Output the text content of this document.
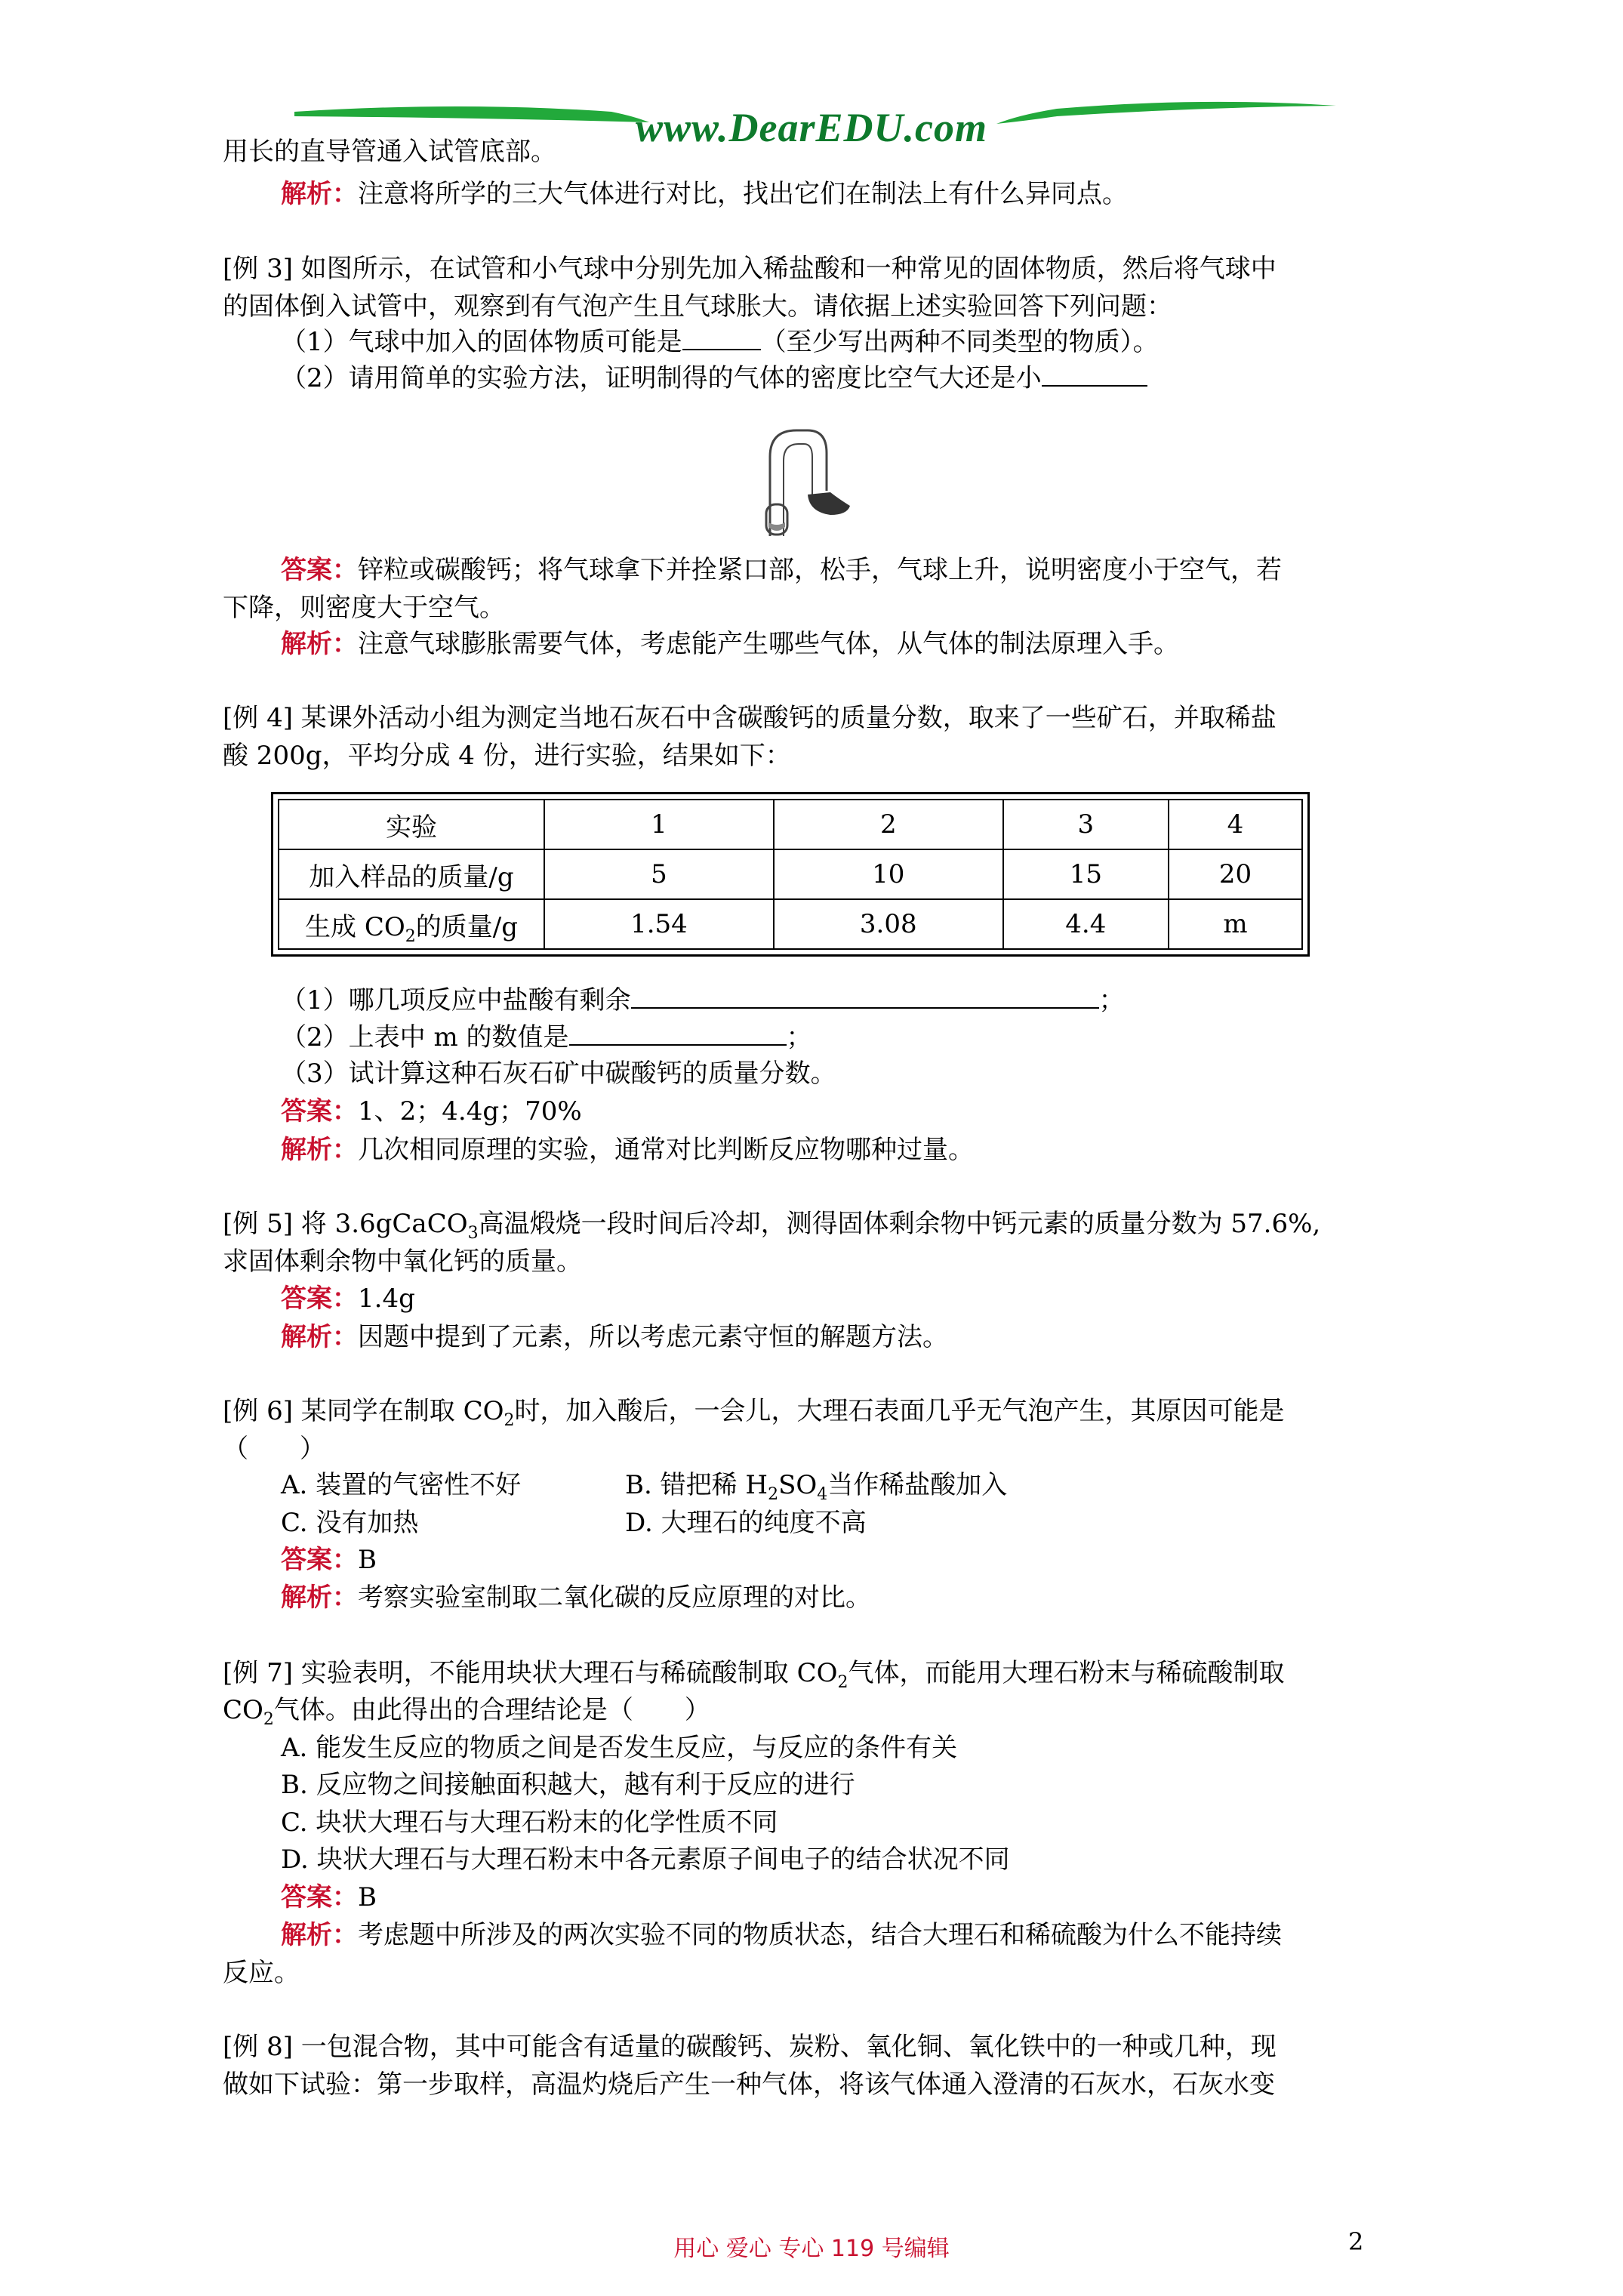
www.DearEDU.com
用长的直导管通入试管底部。
解析：注意将所学的三大气体进行对比，找出它们在制法上有什么异同点。
[例 3] 如图所示，在试管和小气球中分别先加入稀盐酸和一种常见的固体物质，然后将气球中
的固体倒入试管中，观察到有气泡产生且气球胀大。请依据上述实验回答下列问题：
（1）气球中加入的固体物质可能是	（至少写出两种不同类型的物质）。
（2）请用简单的实验方法，证明制得的气体的密度比空气大还是小
答案：锌粒或碳酸钙；将气球拿下并拴紧口部，松手，气球上升，说明密度小于空气，若
下降，则密度大于空气。
解析：注意气球膨胀需要气体，考虑能产生哪些气体，从气体的制法原理入手。
[例 4] 某课外活动小组为测定当地石灰石中含碳酸钙的质量分数，取来了一些矿石，并取稀盐
酸 200g，平均分成 4 份，进行实验，结果如下：
实验	1	2	3	4
加入样品的质量/g	5	10	15	20
生成 $CO_2$的质量/g	1.54	3.08	4.4	m
（1）哪几项反应中盐酸有剩余	；
（2）上表中 m 的数值是	；
（3）试计算这种石灰石矿中碳酸钙的质量分数。
答案：1、2；4.4g；70%
解析：几次相同原理的实验，通常对比判断反应物哪种过量。
[例 5] 将 3.6gCaCO$_3$高温煅烧一段时间后冷却，测得固体剩余物中钙元素的质量分数为 57.6%,
求固体剩余物中氧化钙的质量。
答案：1.4g
解析：因题中提到了元素，所以考虑元素守恒的解题方法。
[例 6] 某同学在制取 $CO_2$时，加入酸后，一会儿，大理石表面几乎无气泡产生，其原因可能是
（　　）
A. 装置的气密性不好	B. 错把稀 $H_2SO_4$当作稀盐酸加入
C. 没有加热	D. 大理石的纯度不高
答案：B
解析：考察实验室制取二氧化碳的反应原理的对比。
[例 7] 实验表明，不能用块状大理石与稀硫酸制取 $CO_2$气体，而能用大理石粉末与稀硫酸制取
$CO_2$气体。由此得出的合理结论是（　　）
A. 能发生反应的物质之间是否发生反应，与反应的条件有关
B. 反应物之间接触面积越大，越有利于反应的进行
C. 块状大理石与大理石粉末的化学性质不同
D. 块状大理石与大理石粉末中各元素原子间电子的结合状况不同
答案：B
解析：考虑题中所涉及的两次实验不同的物质状态，结合大理石和稀硫酸为什么不能持续
反应。
[例 8] 一包混合物，其中可能含有适量的碳酸钙、炭粉、氧化铜、氧化铁中的一种或几种，现
做如下试验：第一步取样，高温灼烧后产生一种气体，将该气体通入澄清的石灰水，石灰水变
用心 爱心 专心 119 号编辑	2
